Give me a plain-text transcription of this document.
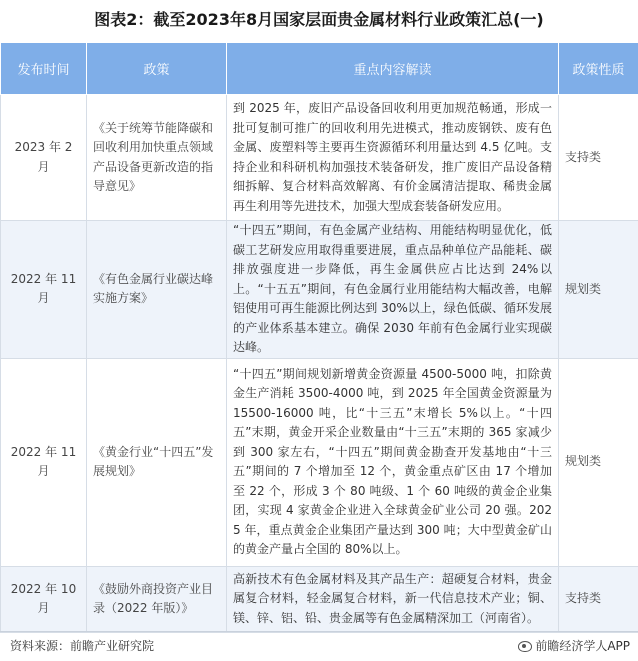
图表2：截至2023年8月国家层面贵金属材料行业政策汇总(一)
发布时间	政策	重点内容解读	政策性质
2023 年 2 月	《关于统筹节能降碳和回收利用加快重点领域产品设备更新改造的指导意见》	到 2025 年，废旧产品设备回收利用更加规范畅通，形成一批可复制可推广的回收利用先进模式，推动废钢铁、废有色金属、废塑料等主要再生资源循环利用量达到 4.5 亿吨。支持企业和科研机构加强技术装备研发，推广废旧产品设备精细拆解、复合材料高效解离、有价金属清洁提取、稀贵金属再生利用等先进技术，加强大型成套装备研发应用。	支持类
2022 年 11 月	《有色金属行业碳达峰实施方案》	“十四五”期间，有色金属产业结构、用能结构明显优化，低碳工艺研发应用取得重要进展，重点品种单位产品能耗、碳排放强度进一步降低，再生金属供应占比达到 24%以上。“十五五”期间，有色金属行业用能结构大幅改善，电解铝使用可再生能源比例达到 30%以上，绿色低碳、循环发展的产业体系基本建立。确保 2030 年前有色金属行业实现碳达峰。	规划类
2022 年 11 月	《黄金行业“十四五”发展规划》	“十四五”期间规划新增黄金资源量 4500-5000 吨，扣除黄金生产消耗 3500-4000 吨，到 2025 年全国黄金资源量为 15500-16000 吨，比“十三五”末增长 5%以上。“十四五”末期，黄金开采企业数量由“十三五”末期的 365 家减少到 300 家左右，“十四五”期间黄金勘查开发基地由“十三五”期间的 7 个增加至 12 个，黄金重点矿区由 17 个增加至 22 个，形成 3 个 80 吨级、1 个 60 吨级的黄金企业集团，实现 4 家黄金企业进入全球黄金矿业公司 20 强。2025 年，重点黄金企业集团产量达到 300 吨；大中型黄金矿山的黄金产量占全国的 80%以上。	规划类
2022 年 10 月	《鼓励外商投资产业目录（2022 年版）》	高新技术有色金属材料及其产品生产：超硬复合材料，贵金属复合材料，轻金属复合材料，新一代信息技术产业；铜、镁、锌、铝、铅、贵金属等有色金属精深加工（河南省）。	支持类
资料来源：前瞻产业研究院	前瞻经济学人APP
